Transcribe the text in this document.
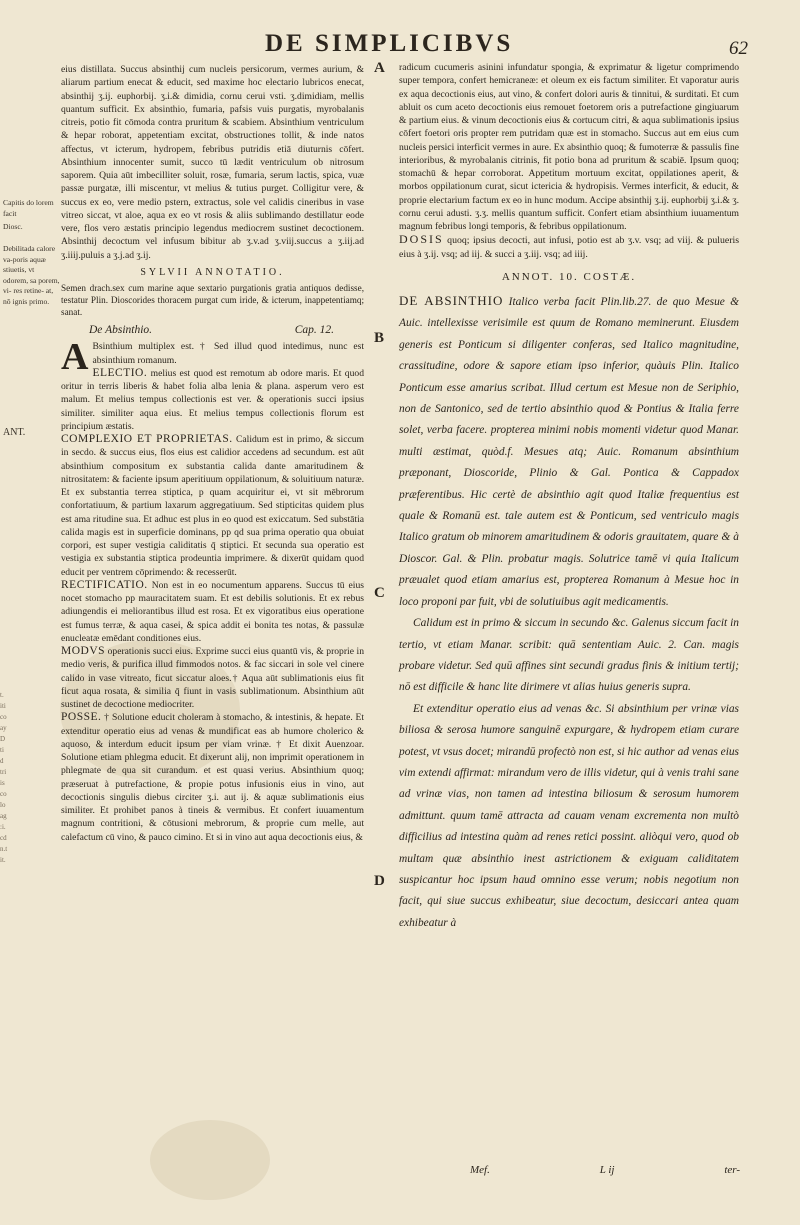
DE SIMPLICIBVS	62
Capitis do lorem facit
Diosc.
Debilitada calore va-poris aquæ stiuetis, vt odorem, sa porem, vi- res retine- at, nō ignis primo.
ANT.
t.
iti
co
ay
D
ti
d
tri
is
co
lo
ag
:i.
cd
n.t
it.
A
B
C
D

eius distillata. Succus absinthij cum nucleis persicorum, vermes aurium, & aliarum partium enecat & educit, sed maxime hoc electario lubricos enecat, absinthij ʒ.ij. euphorbij. ʒ.i.& dimidia, cornu cerui vsti. ʒ.dimidiam, mellis quantum sufficit. Ex absinthio, fumaria, pafsis vuis purgatis, myrobalanis citreis, potio fit cōmoda contra pruritum & scabiem. Absinthium ventriculum & hepar roborat, appetentiam excitat, obstructiones tollit, & inde natos affectus, vt icterum, hydropem, febribus putridis etiā diuturnis cōfert. Absinthium innocenter sumit, succo tū lædit ventriculum ob nitrosum saporem. Quia aūt imbecilliter soluit, rosæ, fumaria, serum lactis, spica, vuæ passæ purgatæ, illi miscentur, vt melius & tutius purget. Colligitur vere, & succus ex eo, vere medio pstern, extractus, sole vel calidis cineribus in vase vitreo siccat, vt aloe, aqua ex eo vt rosis & aliis sublimando destillatur eode vere, flos vero æstatis principio legendus mediocrem sustinet decoctionem. Absinthij decoctum vel infusum bibitur ab ʒ.v.ad ʒ.viij.succus a ʒ.iij.ad ʒ.iiij.puluis a ʒ.j.ad ʒ.ij.

SYLVII ANNOTATIO.

Semen drach.sex cum marine aque sextario purgationis gratia antiquos dedisse, testatur Plin. Dioscorides thoracem purgat cum iride, & icterum, inappetentiamq; sanat.

De Absinthio.	Cap. 12.

A Bsinthium multiplex est. † Sed illud quod intedimus, nunc est absinthium romanum.

ELECTIO. melius est quod est remotum ab odore maris. Et quod oritur in terris liberis & habet folia alba lenia & plana. asperum vero est malum. Et melius tempus collectionis est ver. & operationis succi ipsius similiter. similiter aqua eius. Et melius tempus collectionis florum est principium æstatis.

COMPLEXIO ET PROPRIETAS. Calidum est in primo, & siccum in secdo. & succus eius, flos eius est calidior accedens ad secundum. est aūt absinthium compositum ex substantia calida dante amaritudinem & nitrositatem: & faciente ipsum aperitiuum oppilationum, & soluitiuum naturæ. Et ex substantia terrea stiptica, p quam acquiritur ei, vt sit mēbrorum confortatiuum, & partium laxarum aggregatiuum. Sed stipticitas quidem plus est ama ritudine sua. Et adhuc est plus in eo quod est exiccatum. Sed substātia calida magis est in superficie dominans, pp qd sua prima operatio qua obuiat corpori, est super vestigia caliditatis q̄ stiptici. Et secunda sua operatio est vestigia ex substantia stiptica prodeuntia imprimere. & dixerūt quidam quod educit per ventrem cōprimendo: & recesserūt.

RECTIFICATIO. Non est in eo nocumentum apparens. Succus tū eius nocet stomacho pp mauracitatem suam. Et est debilis solutionis. Et ex rebus adiungendis ei meliorantibus illud est rosa. Et ex vigoratibus eius operatione est fumus terræ, & aqua casei, & spica addit ei bonita tes notas, & passulæ enucleatæ emēdant conditiones eius.

MODVS operationis succi eius. Exprime succi eius quantū vis, & proprie in medio veris, & purifica illud fimmodos notos. & fac siccari in sole vel cinere calido in vase vitreato, ficut siccatur aloes.† Aqua aūt sublimationis eius fit ficut aqua rosata, & similia q̄ fiunt in vasis sublimationum. Absinthium aūt sustinet de decoctione mediocriter.

POSSE. † Solutione educit choleram à stomacho, & intestinis, & hepate. Et extenditur operatio eius ad venas & mundificat eas ab humore cholerico & aquoso, & interdum educit ipsum per viam vrinæ. † Et dixit Auenzoar. Solutione etiam phlegma educit. Et dixerunt alij, non imprimit operationem in phlegmate de qua sit curandum. et est quasi verius. Absinthium quoq; præseruat à putrefactione, & propie potus infusionis eius in vino, aut decoctionis singulis diebus circiter ʒ.i. aut ij. & aquæ sublimationis eius similiter. Et prohibet panos à tineis & vermibus. Et confert iuuamentum magnum contritioni, & cōtusioni mebrorum, & proprie cum melle, aut calefactum cū vino, & pauco cimino. Et si in vino aut aqua decoctionis eius, &

radicum cucumeris asinini infundatur spongia, & exprimatur & ligetur comprimendo super tempora, confert hemicraneæ: et oleum ex eis factum similiter. Et vaporatur auris ex aqua decoctionis eius, aut vino, & confert dolori auris & tinnitui, & surditati. Et cum abluit os cum aceto decoctionis eius remouet foetorem oris a putrefactione gingiuarum & partium eius. & vinum decoctionis eius & cortucum citri, & aqua sublimationis ipsius cōfert foetori oris propter rem putridam quæ est in stomacho. Succus aut em eius cum nucleis persici interficit vermes in aure. Ex absinthio quoq; & fumoterræ & passulis fine interioribus, & myrobalanis citrinis, fit potio bona ad pruritum & scabiē. Ipsum quoq; stomachū & hepar corroborat. Appetitum mortuum excitat, oppilationes aperit, & morbos oppilationum curat, sicut ictericia & hydropisis. Vermes interficit, & educit, & proprie electarium factum ex eo in hunc modum. Accipe absinthij ʒ.ij. euphorbij ʒ.i.& ʒ. cornu cerui adusti. ʒ.ʒ. mellis quantum sufficit. Confert etiam absinthium iuuamentum magnum febribus longi temporis, & febribus oppilationum.

DOSIS quoq; ipsius decocti, aut infusi, potio est ab ʒ.v. vsq; ad viij. & pulueris eius à ʒ.ij. vsq; ad iij. & succi a ʒ.iij. vsq; ad iiij.

ANNOT. 10. COSTÆ.

DE ABSINTHIO Italico verba facit Plin.lib.27. de quo Mesue & Auic. intellexisse verisimile est quum de Romano meminerunt. Eiusdem generis est Ponticum si diligenter conferas, sed Italico magnitudine, crassitudine, odore & sapore etiam ipso inferior, quàuis Plin. Italico Ponticum esse amarius scribat. Illud certum est Mesue non de Seriphio, non de Santonico, sed de tertio absinthio quod & Pontius & Italia ferre solet, verba facere. propterea minimi nobis momenti videtur quod Manar. multi æstimat, quòd.f. Mesues atq; Auic. Romanum absinthium præponant, Dioscoride, Plinio & Gal. Pontica & Cappadox præferentibus. Hic certè de absinthio agit quod Italiæ frequentius est quale & Romanū est. tale autem est & Ponticum, sed ventriculo magis Italico gratum ob minorem amaritudinem & odoris grauitatem, quare & à Dioscor. Gal. & Plin. probatur magis. Solutrice tamē vi quia Italicum præualet quod etiam amarius est, propterea Romanum à Mesue hoc in loco proponi par fuit, vbi de solutiuibus agit medicamentis.

Calidum est in primo & siccum in secundo &c. Galenus siccum facit in tertio, vt etiam Manar. scribit: quā sententiam Auic. 2. Can. magis probare videtur. Sed quū affines sint secundi gradus finis & initium tertij; nō est difficile & hanc lite dirimere vt alias huius generis supra.

Et extenditur operatio eius ad venas &c. Si absinthium per vrinæ vias biliosa & serosa humore sanguinē expurgare, & hydropem etiam curare potest, vt vsus docet; mirandū profectò non est, si hic author ad venas eius vim extendi affirmat: mirandum vero de illis videtur, qui à venis trahi sane ad vrinæ vias, non tamen ad intestina biliosum & serosum humorem admittunt. quum tamē attracta ad cauam venam excrementa non multò difficilius ad intestina quàm ad renes retici possint. aliòqui vero, quod ob multam quæ absinthio inest astrictionem & exiguam caliditatem suspicantur hoc ipsum haud omnino esse verum; nobis negotium non facit, qui siue succus exhibeatur, siue decoctum, desiccari antea quam exhibeatur à

Mef.	L ij	ter-
